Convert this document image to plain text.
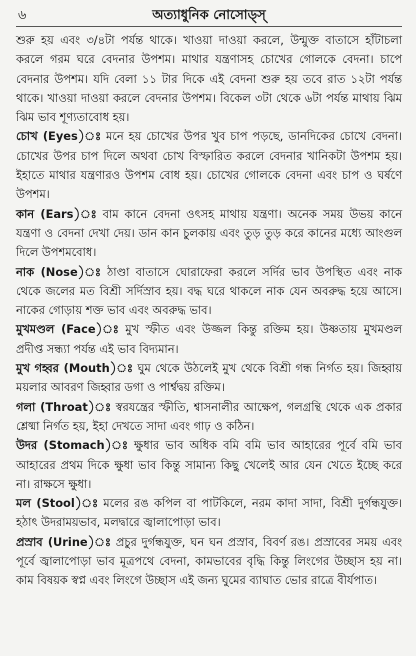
৬	অত্যাধুনিক নোসোড্‌স্‌

শুরু হয় এবং ৩/৪টা পর্যন্ত থাকে। খাওয়া দাওয়া করলে, উন্মুক্ত বাতাসে হাঁটাচলা করলে গরম ঘরে বেদনার উপশম। মাথার যন্ত্রণাসহ চোখের গোলকে বেদনা। চাপে বেদনার উপশম। যদি বেলা ১১ টার দিকে এই বেদনা শুরু হয় তবে রাত ১২টা পর্যন্ত থাকে। খাওয়া দাওয়া করলে বেদনার উপশম। বিকেল ৩টা থেকে ৬টা পর্যন্ত মাথায় ঝিম ঝিম ভাব শূণ্যতাবোধ হয়।

চোখ (Eyes)ঃ মনে হয় চোখের উপর খুব চাপ পড়ছে, ডানদিকের চোখে বেদনা। চোখের উপর চাপ দিলে অথবা চোখ বিস্ফারিত করলে বেদনার খানিকটা উপশম হয়। ইহাতে মাথার যন্ত্রণারও উপশম বোধ হয়। চোখের গোলকে বেদনা এবং চাপ ও ঘর্ষণে উপশম।

কান (Ears)ঃ বাম কানে বেদনা ওৎসহ মাথায় যন্ত্রণা। অনেক সময় উভয় কানে যন্ত্রণা ও বেদনা দেখা দেয়। ডান কান চুলকায় এবং তুড় তুড় করে কানের মধ্যে আংগুল দিলে উপশমবোধ।

নাক (Nose)ঃ ঠাণ্ডা বাতাসে ঘোরাফেরা করলে সর্দির ভাব উপস্থিত এবং নাক থেকে জলের মত বিশ্রী সর্দিস্রাব হয়। বদ্ধ ঘরে থাকলে নাক যেন অবরুদ্ধ হয়ে আসে। নাকের গোড়ায় শক্ত ভাব এবং অবরুদ্ধ ভাব।

মুখমণ্ডল (Face)ঃ মুখ স্ফীত এবং উজ্জল কিন্তু রক্তিম হয়। উষ্ণতায় মুখমণ্ডল প্রদীপ্ত সন্ধ্যা পর্যন্ত এই ভাব বিদ্যমান।

মুখ গহ্বর (Mouth)ঃ ঘুম থেকে উঠলেই মুখ থেকে বিশ্রী গন্ধ নির্গত হয়। জিহ্বায় ময়লার আবরণ জিহ্বার ডগা ও পার্শ্বদ্বয় রক্তিম।

গলা (Throat)ঃ স্বরযন্ত্রের স্ফীতি, শ্বাসনালীর আক্ষেপ, গলগ্রন্থি থেকে এক প্রকার শ্লেষ্মা নির্গত হয়, ইহা দেখতে সাদা এবং গাঢ় ও কঠিন।

উদর (Stomach)ঃ ক্ষুধার ভাব অধিক বমি বমি ভাব আহারের পূর্বে বমি ভাব আহারের প্রথম দিকে ক্ষুধা ভাব কিন্তু সামান্য কিছু খেলেই আর যেন খেতে ইচ্ছে করে না। রাক্ষসে ক্ষুধা।

মল (Stool)ঃ মলের রঙ কপিল বা পাটকিলে, নরম কাদা সাদা, বিশ্রী দুর্গন্ধযুক্ত। হঠাৎ উদরাময়ভাব, মলদ্বারে জ্বালাপোড়া ভাব।

প্রস্রাব (Urine)ঃ প্রচুর দুর্গন্ধযুক্ত, ঘন ঘন প্রস্রাব, বিবর্ণ রঙ। প্রস্রাবের সময় এবং পূর্বে জ্বালাপোড়া ভাব মূত্রপথে বেদনা, কামভাবের বৃদ্ধি কিন্তু লিংগের উচ্ছাস হয় না। কাম বিষয়ক স্বপ্ন এবং লিংগে উচ্ছাস এই জন্য ঘুমের ব্যাঘাত ভোর রাত্রে বীর্যপাত।
